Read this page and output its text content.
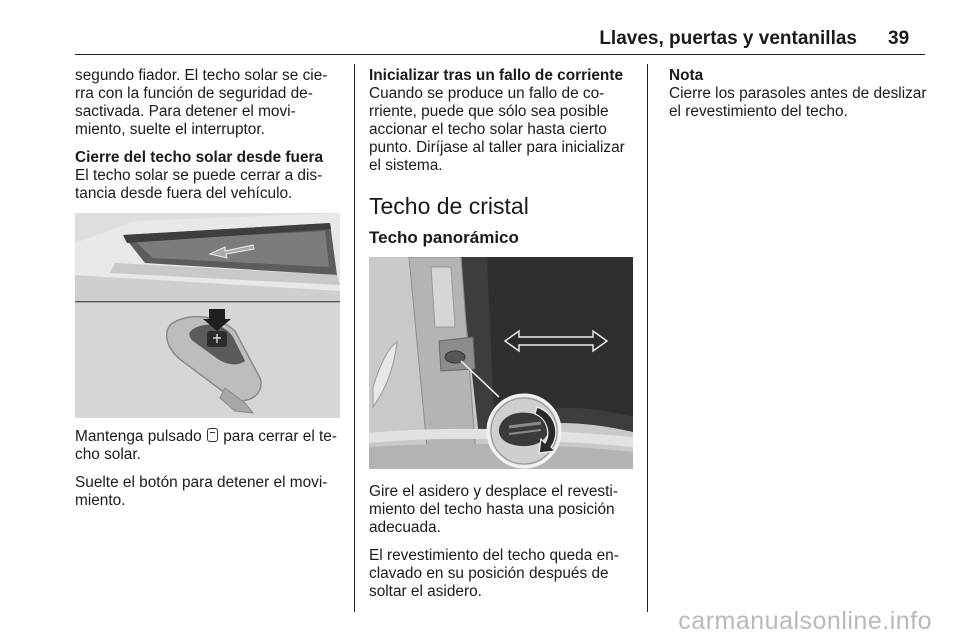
Llaves, puertas y ventanillas 39

segundo fiador. El techo solar se cierra con la función de seguridad desactivada. Para detener el movimiento, suelte el interruptor.

Cierre del techo solar desde fuera

El techo solar se puede cerrar a distancia desde fuera del vehículo.

Mantenga pulsado para cerrar el techo solar.

Suelte el botón para detener el movimiento.

Inicializar tras un fallo de corriente

Cuando se produce un fallo de corriente, puede que sólo sea posible accionar el techo solar hasta cierto punto. Diríjase al taller para inicializar el sistema.

Techo de cristal
Techo panorámico

Gire el asidero y desplace el revestimiento del techo hasta una posición adecuada.

El revestimiento del techo queda enclavado en su posición después de soltar el asidero.

Nota

Cierre los parasoles antes de deslizar el revestimiento del techo.

carmanualsonline.info
